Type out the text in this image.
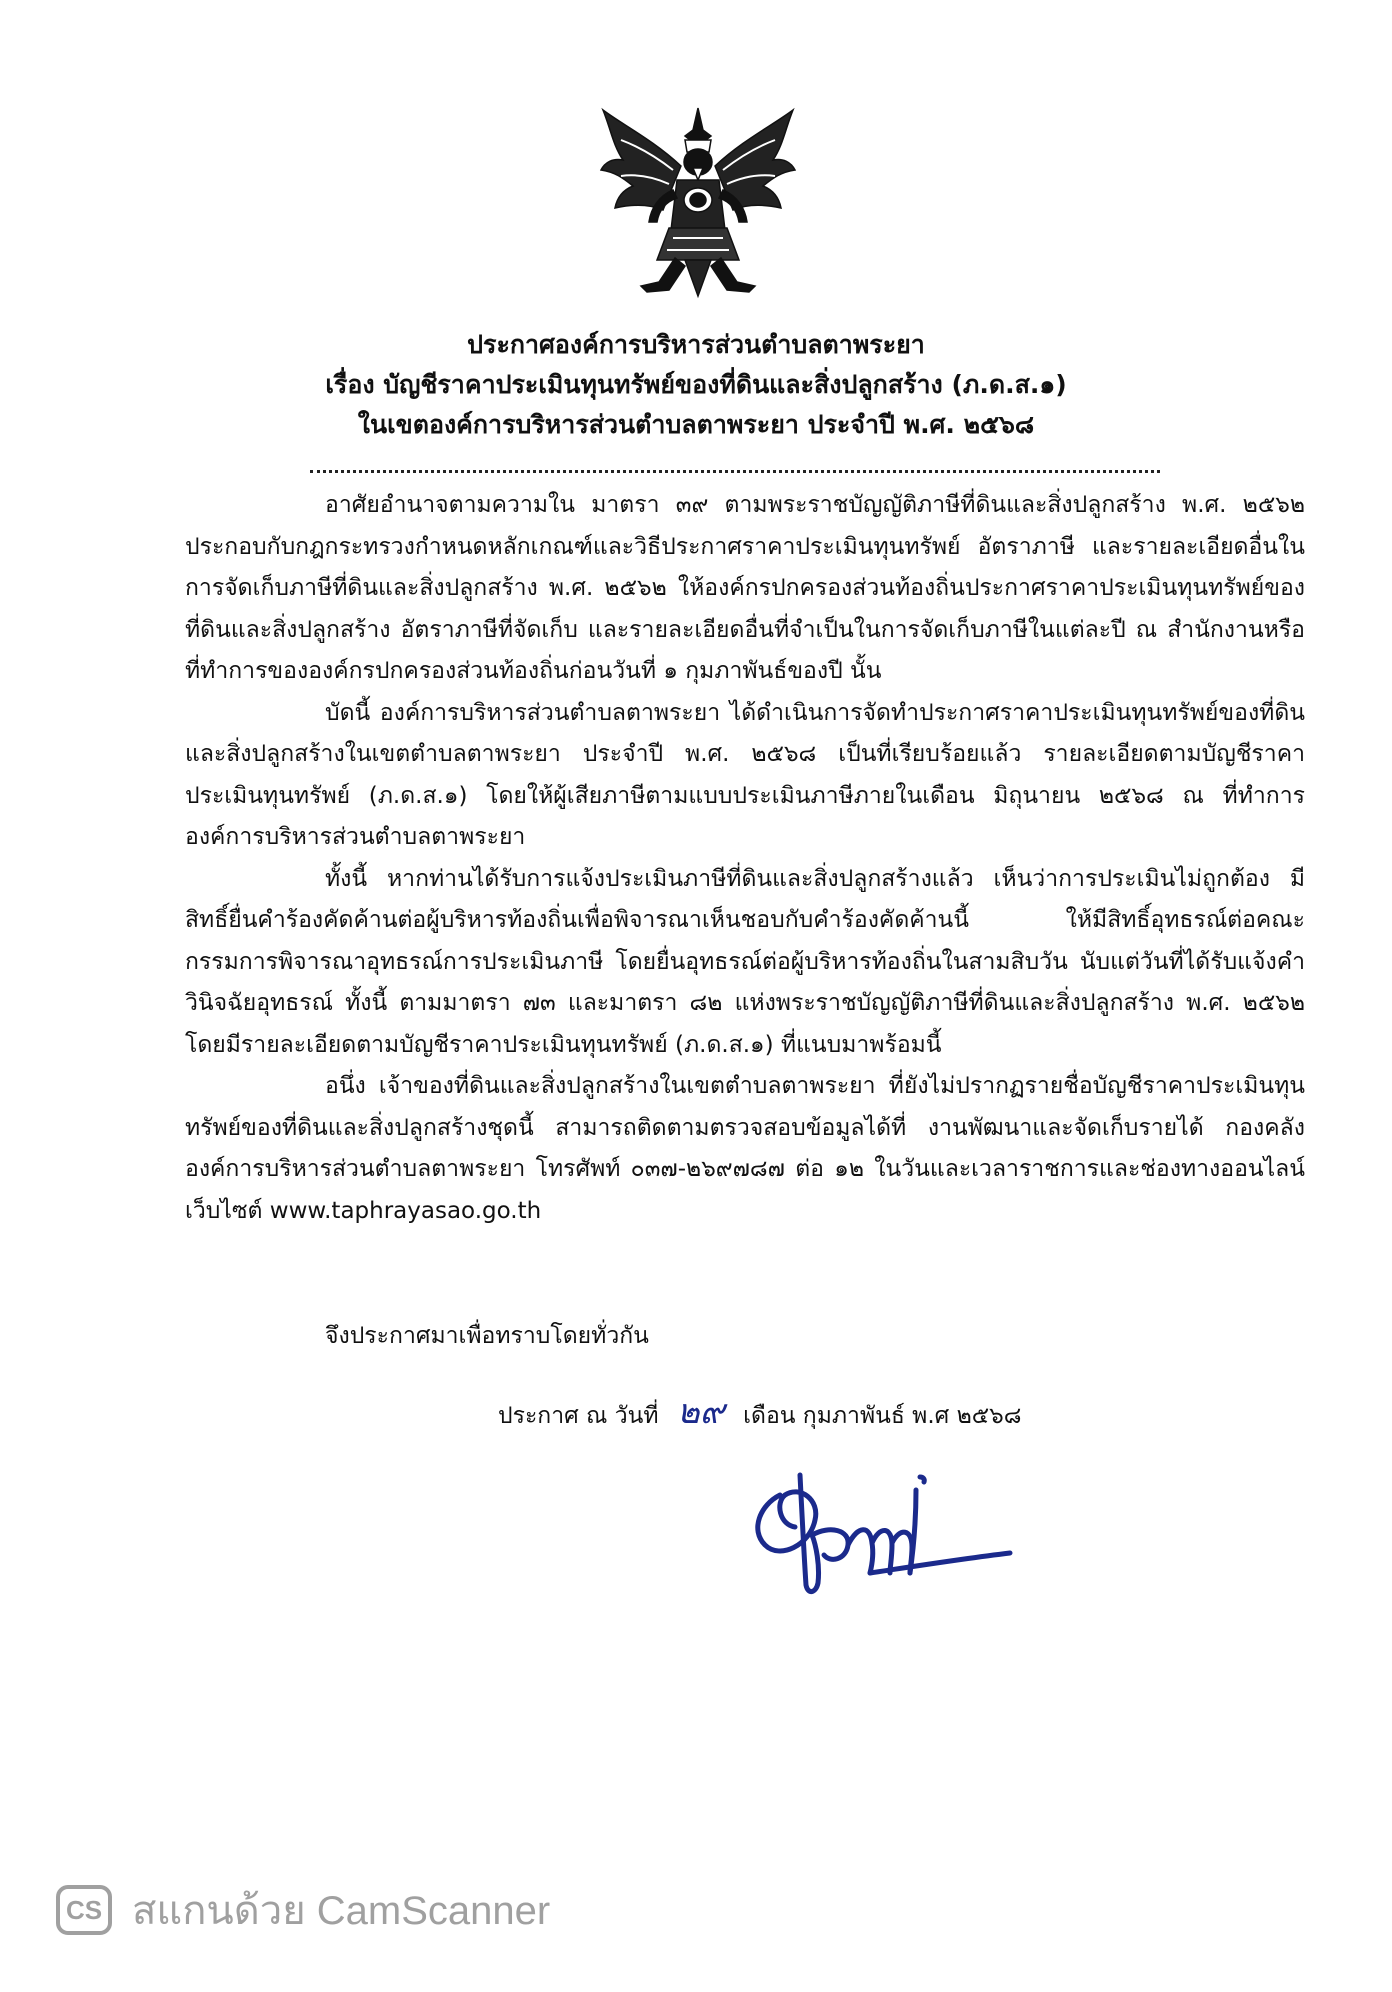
ประกาศองค์การบริหารส่วนตำบลตาพระยา
เรื่อง บัญชีราคาประเมินทุนทรัพย์ของที่ดินและสิ่งปลูกสร้าง (ภ.ด.ส.๑)
ในเขตองค์การบริหารส่วนตำบลตาพระยา ประจำปี พ.ศ. ๒๕๖๘

อาศัยอำนาจตามความใน มาตรา ๓๙ ตามพระราชบัญญัติภาษีที่ดินและสิ่งปลูกสร้าง พ.ศ. ๒๕๖๒ ประกอบกับกฎกระทรวงกำหนดหลักเกณฑ์และวิธีประกาศราคาประเมินทุนทรัพย์ อัตราภาษี และรายละเอียดอื่นในการจัดเก็บภาษีที่ดินและสิ่งปลูกสร้าง พ.ศ. ๒๕๖๒ ให้องค์กรปกครองส่วนท้องถิ่นประกาศราคาประเมินทุนทรัพย์ของที่ดินและสิ่งปลูกสร้าง อัตราภาษีที่จัดเก็บ และรายละเอียดอื่นที่จำเป็นในการจัดเก็บภาษีในแต่ละปี ณ สำนักงานหรือที่ทำการขององค์กรปกครองส่วนท้องถิ่นก่อนวันที่ ๑ กุมภาพันธ์ของปี นั้น

บัดนี้ องค์การบริหารส่วนตำบลตาพระยา ได้ดำเนินการจัดทำประกาศราคาประเมินทุนทรัพย์ของที่ดินและสิ่งปลูกสร้างในเขตตำบลตาพระยา ประจำปี พ.ศ. ๒๕๖๘ เป็นที่เรียบร้อยแล้ว รายละเอียดตามบัญชีราคาประเมินทุนทรัพย์ (ภ.ด.ส.๑) โดยให้ผู้เสียภาษีตามแบบประเมินภาษีภายในเดือน มิถุนายน ๒๕๖๘ ณ ที่ทำการองค์การบริหารส่วนตำบลตาพระยา

ทั้งนี้ หากท่านได้รับการแจ้งประเมินภาษีที่ดินและสิ่งปลูกสร้างแล้ว เห็นว่าการประเมินไม่ถูกต้อง มีสิทธิ์ยื่นคำร้องคัดค้านต่อผู้บริหารท้องถิ่นเพื่อพิจารณาเห็นชอบกับคำร้องคัดค้านนี้ ให้มีสิทธิ์อุทธรณ์ต่อคณะกรรมการพิจารณาอุทธรณ์การประเมินภาษี โดยยื่นอุทธรณ์ต่อผู้บริหารท้องถิ่นในสามสิบวัน นับแต่วันที่ได้รับแจ้งคำวินิจฉัยอุทธรณ์ ทั้งนี้ ตามมาตรา ๗๓ และมาตรา ๘๒ แห่งพระราชบัญญัติภาษีที่ดินและสิ่งปลูกสร้าง พ.ศ. ๒๕๖๒ โดยมีรายละเอียดตามบัญชีราคาประเมินทุนทรัพย์ (ภ.ด.ส.๑) ที่แนบมาพร้อมนี้

อนึ่ง เจ้าของที่ดินและสิ่งปลูกสร้างในเขตตำบลตาพระยา ที่ยังไม่ปรากฏรายชื่อบัญชีราคาประเมินทุนทรัพย์ของที่ดินและสิ่งปลูกสร้างชุดนี้ สามารถติดตามตรวจสอบข้อมูลได้ที่ งานพัฒนาและจัดเก็บรายได้ กองคลัง องค์การบริหารส่วนตำบลตาพระยา โทรศัพท์ ๐๓๗-๒๖๙๗๘๗ ต่อ ๑๒ ในวันและเวลาราชการและช่องทางออนไลน์ เว็บไซต์ www.taphrayasao.go.th

จึงประกาศมาเพื่อทราบโดยทั่วกัน
ประกาศ ณ วันที่ ๒๙ เดือน กุมภาพันธ์ พ.ศ ๒๕๖๘
CS สแกนด้วย CamScanner
